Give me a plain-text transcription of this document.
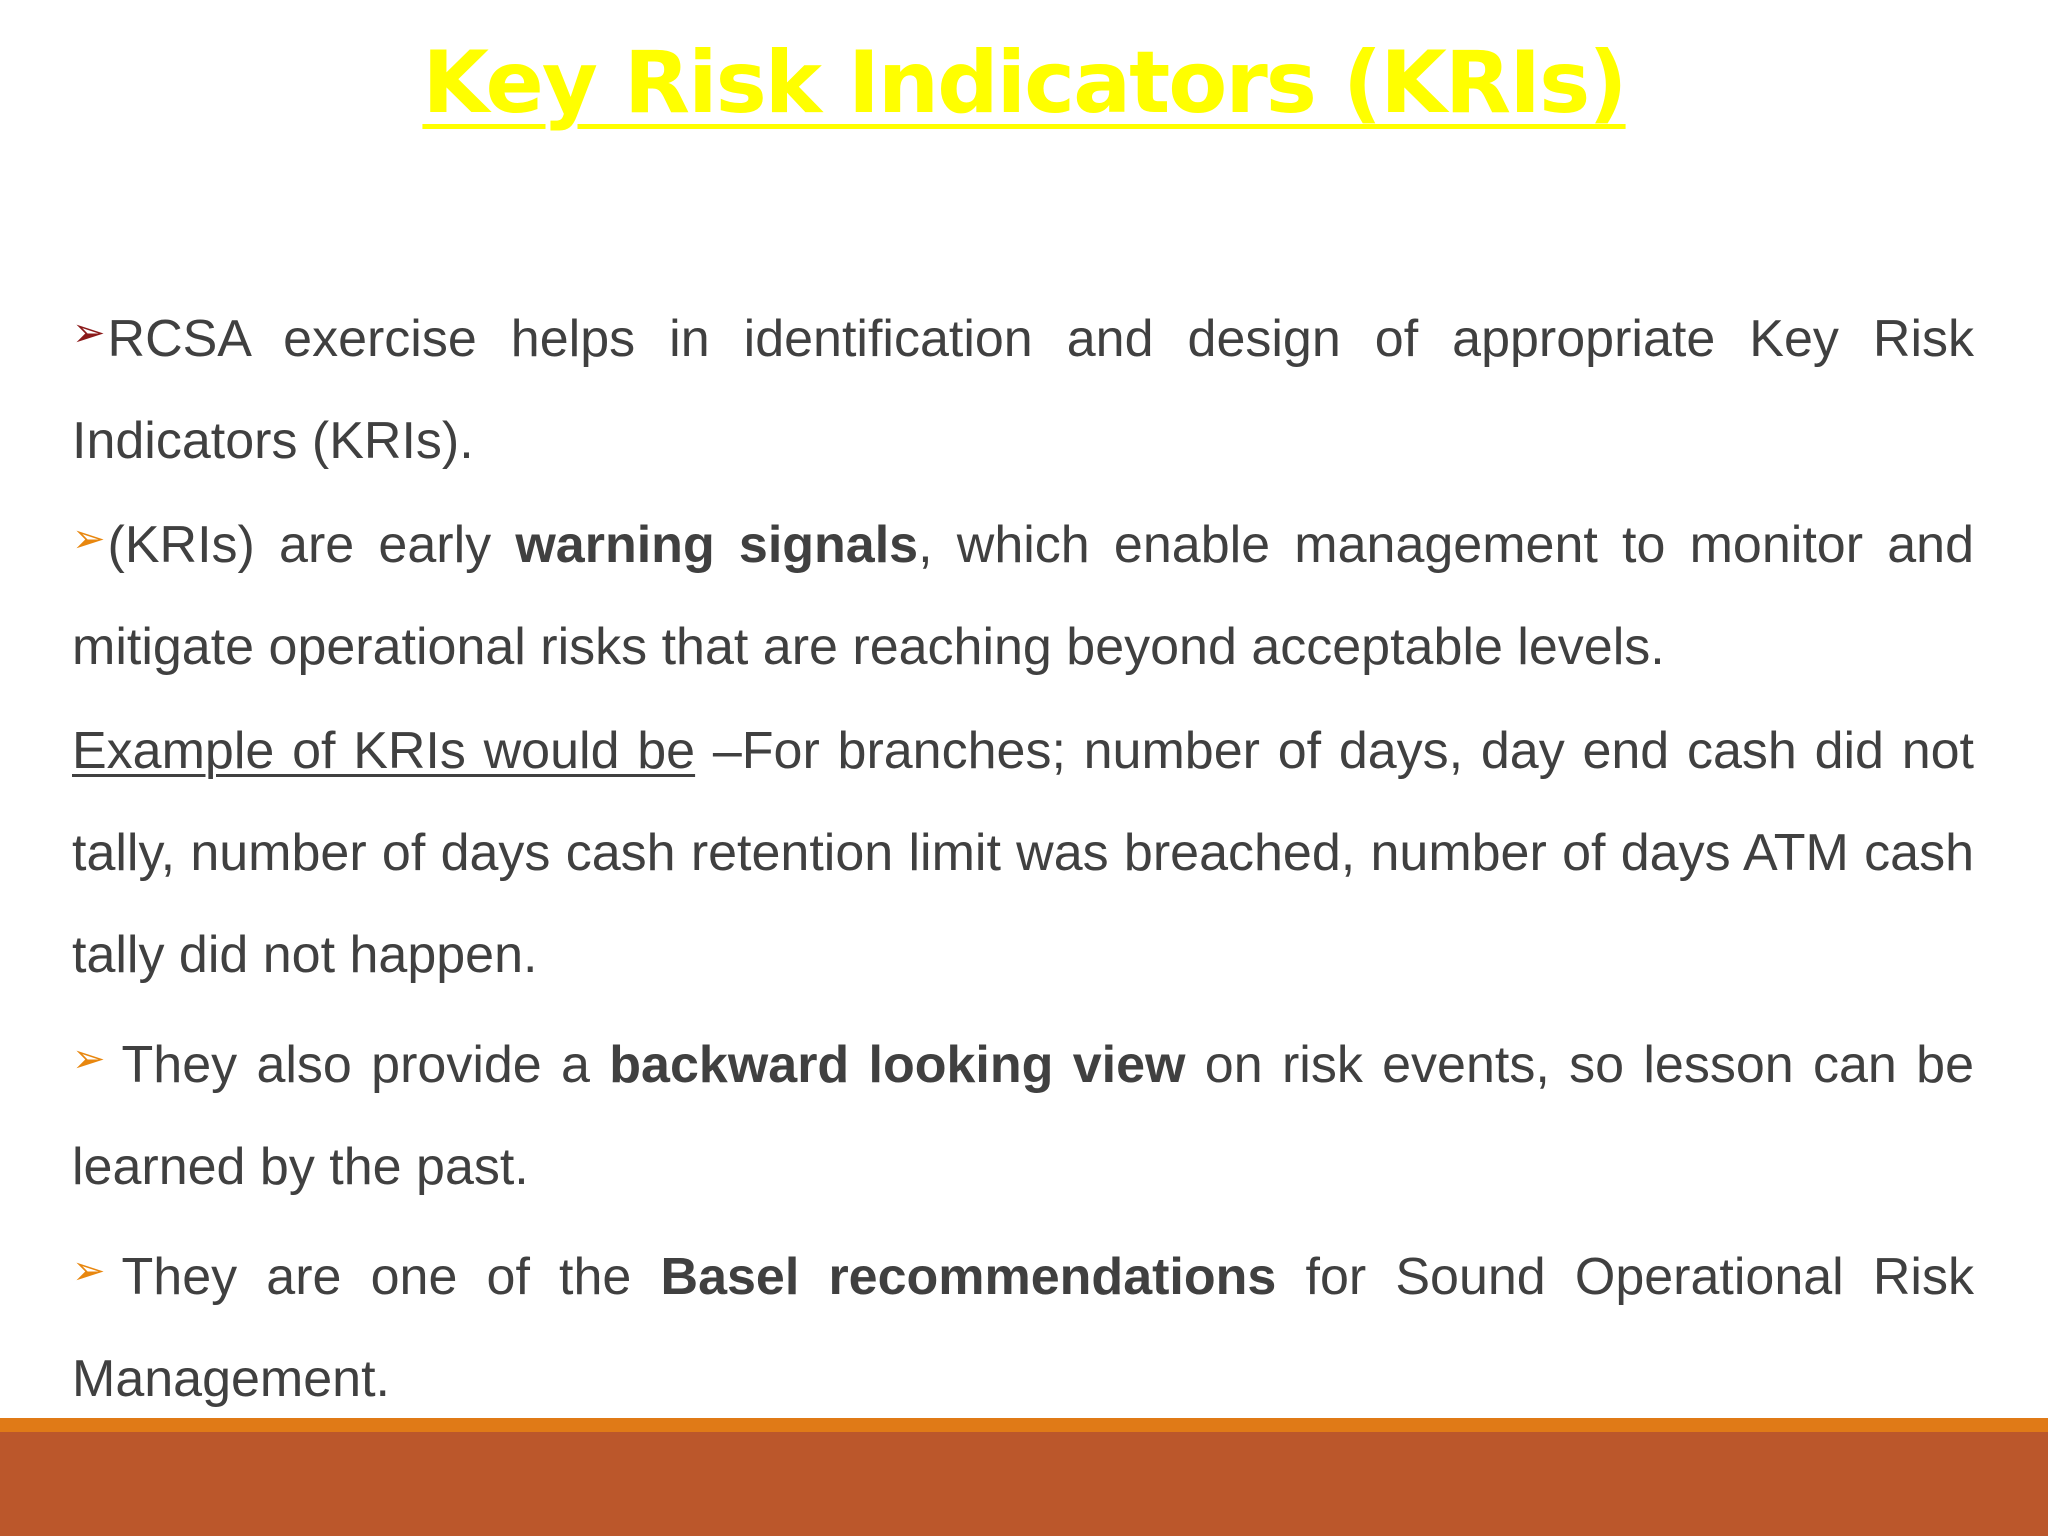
Key Risk Indicators (KRIs)

➢RCSA exercise helps in identification and design of appropriate Key Risk Indicators (KRIs).

➢(KRIs) are early warning signals, which enable management to monitor and mitigate operational risks that are reaching beyond acceptable levels.

Example of KRIs would be –For branches; number of days, day end cash did not tally, number of days cash retention limit was breached, number of days ATM cash tally did not happen.

➢ They also provide a backward looking view on risk events, so lesson can be learned by the past.

➢ They are one of the Basel recommendations for Sound Operational Risk Management.
